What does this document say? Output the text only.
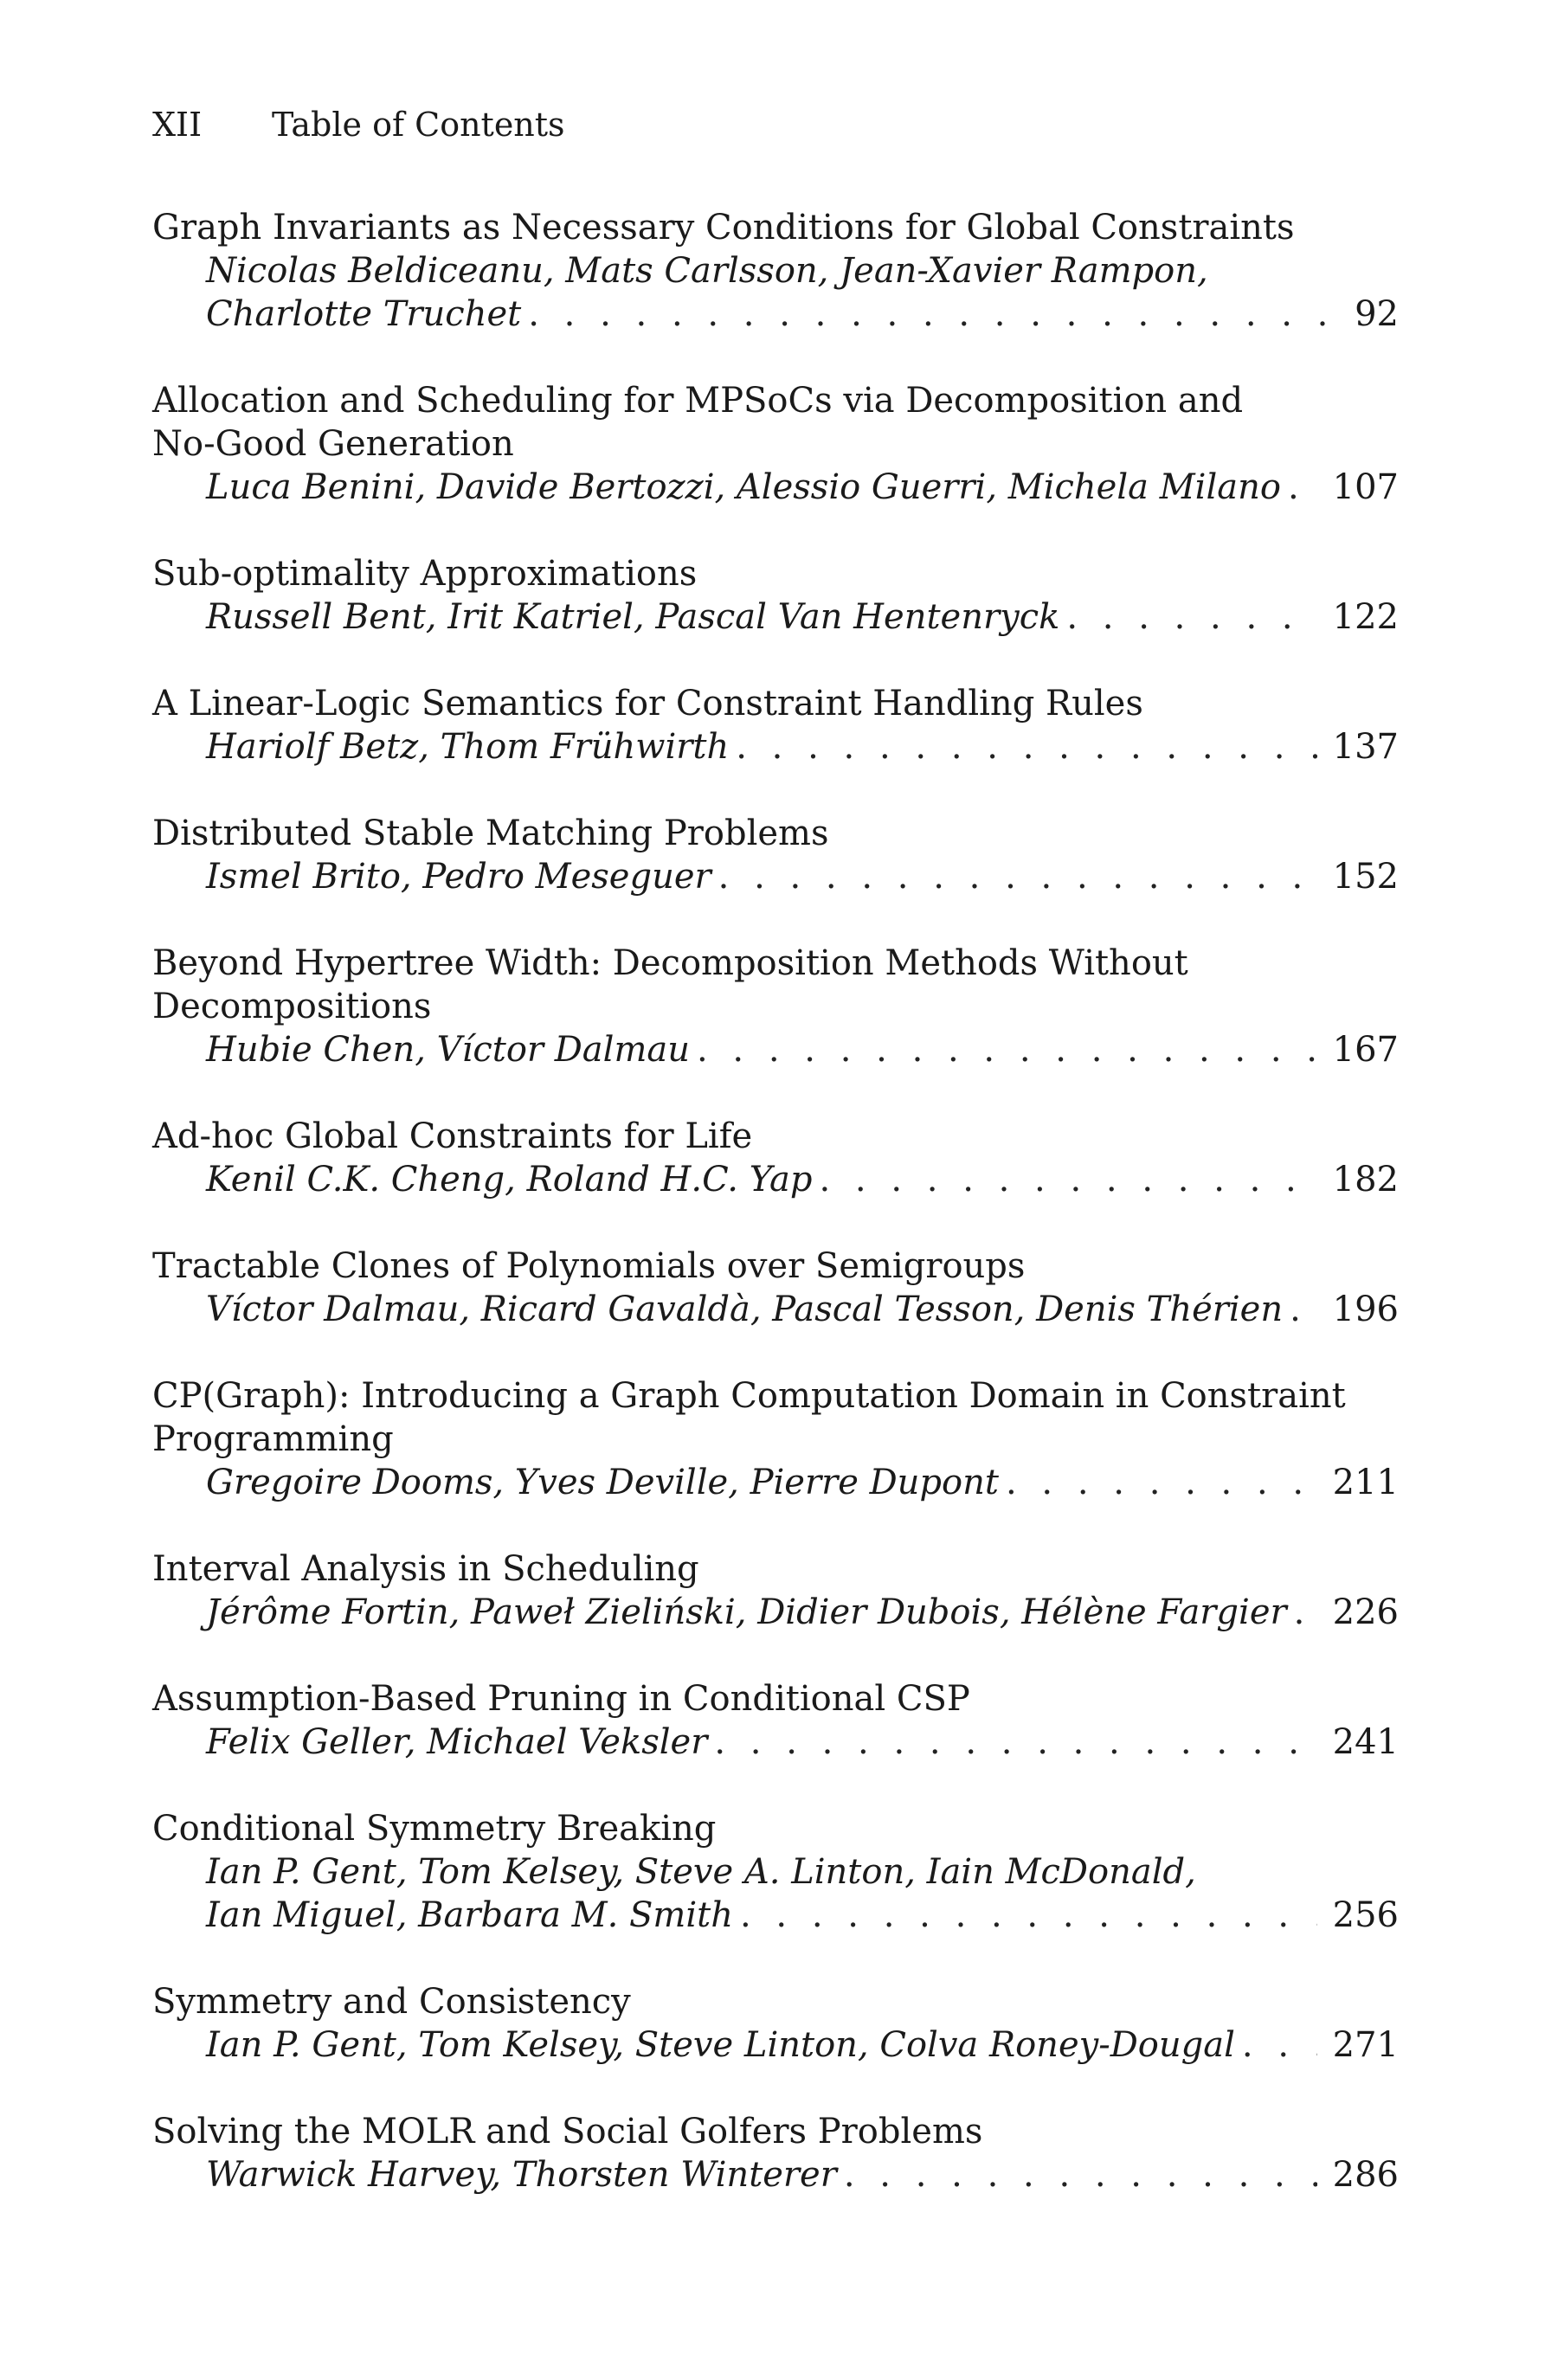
XII Table of Contents
Graph Invariants as Necessary Conditions for Global Constraints
Nicolas Beldiceanu, Mats Carlsson, Jean-Xavier Rampon,
Charlotte Truchet . . .	92
Allocation and Scheduling for MPSoCs via Decomposition and
No-Good Generation
Luca Benini, Davide Bertozzi, Alessio Guerri, Michela Milano . . . 107
Sub-optimality Approximations
Russell Bent, Irit Katriel, Pascal Van Hentenryck . . .	122
A Linear-Logic Semantics for Constraint Handling Rules
Hariolf Betz, Thom Frühwirth . . .	137
Distributed Stable Matching Problems
Ismel Brito, Pedro Meseguer . . .	152
Beyond Hypertree Width: Decomposition Methods Without
Decompositions
Hubie Chen, Víctor Dalmau . . .	167
Ad-hoc Global Constraints for Life
Kenil C.K. Cheng, Roland H.C. Yap . . .	182
Tractable Clones of Polynomials over Semigroups
Víctor Dalmau, Ricard Gavaldà, Pascal Tesson, Denis Thérien . . . 196
CP(Graph): Introducing a Graph Computation Domain in Constraint
Programming
Gregoire Dooms, Yves Deville, Pierre Dupont . . .	211
Interval Analysis in Scheduling
Jérôme Fortin, Paweł Zieliński, Didier Dubois, Hélène Fargier . . . 226
Assumption-Based Pruning in Conditional CSP
Felix Geller, Michael Veksler . . .	241
Conditional Symmetry Breaking
Ian P. Gent, Tom Kelsey, Steve A. Linton, Iain McDonald,
Ian Miguel, Barbara M. Smith . . .	256
Symmetry and Consistency
Ian P. Gent, Tom Kelsey, Steve Linton, Colva Roney-Dougal . . .	271
Solving the MOLR and Social Golfers Problems
Warwick Harvey, Thorsten Winterer . . .	286
